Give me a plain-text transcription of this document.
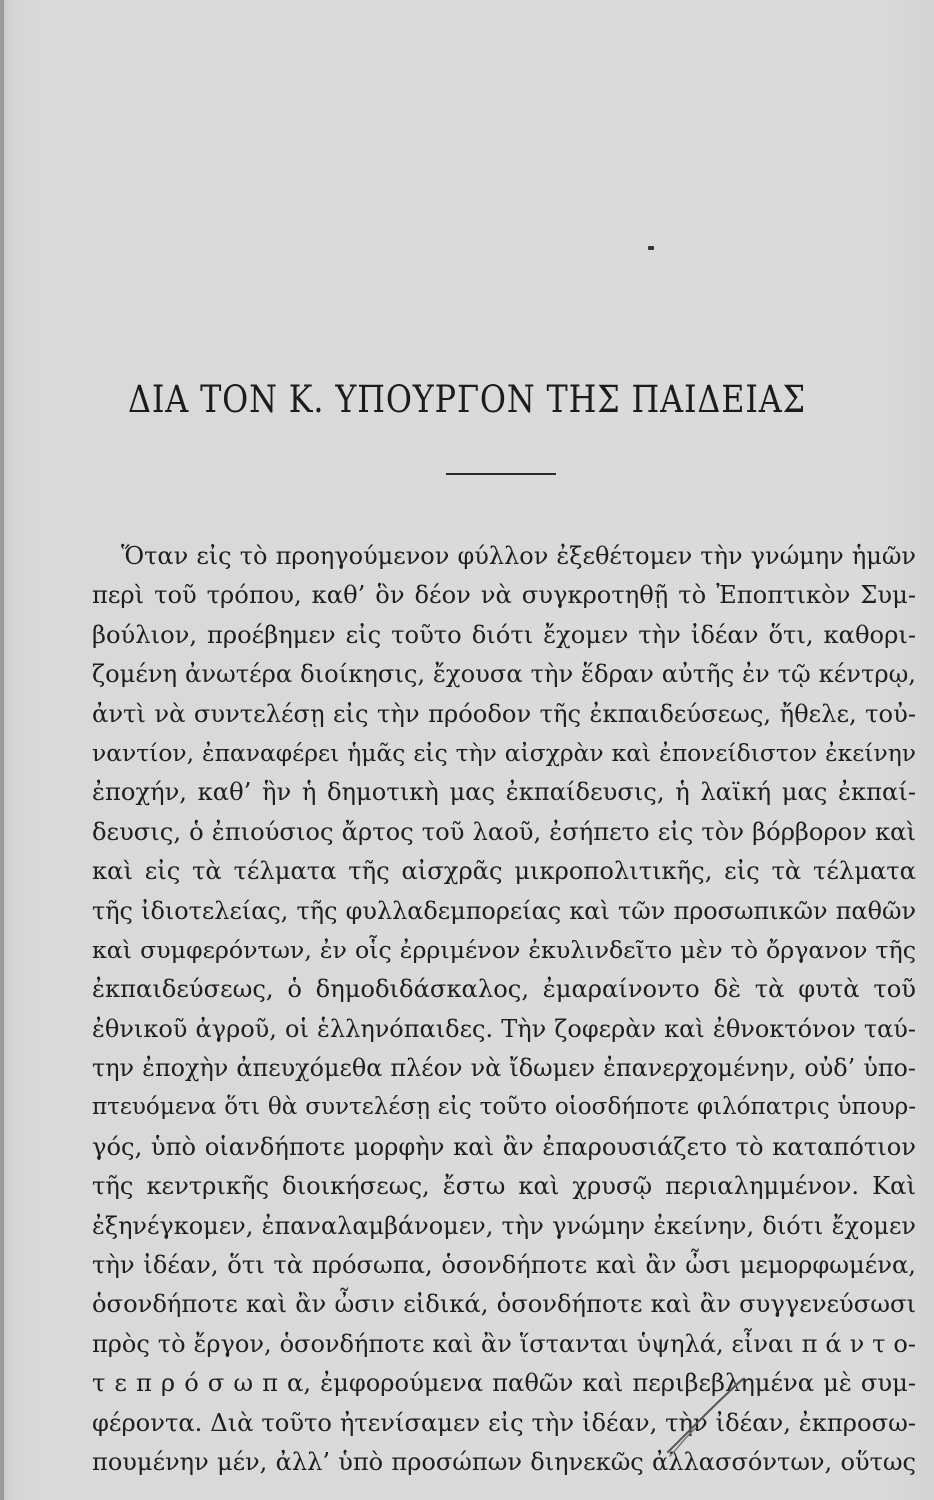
ΔΙΑ ΤΟΝ Κ. ΥΠΟΥΡΓΟΝ ΤΗΣ ΠΑΙΔΕΙΑΣ
Ὅταν εἰς τὸ προηγούμενον φύλλον ἐξεθέτομεν τὴν γνώμην ἡμῶν
περὶ τοῦ τρόπου, καθ’ ὃν δέον νὰ συγκροτηθῇ τὸ Ἐποπτικὸν Συμ-
βούλιον, προέβημεν εἰς τοῦτο διότι ἔχομεν τὴν ἰδέαν ὅτι, καθορι-
ζομένη ἀνωτέρα διοίκησις, ἔχουσα τὴν ἕδραν αὐτῆς ἐν τῷ κέντρῳ,
ἀντὶ νὰ συντελέσῃ εἰς τὴν πρόοδον τῆς ἐκπαιδεύσεως, ἤθελε, τοὐ-
ναντίον, ἐπαναφέρει ἡμᾶς εἰς τὴν αἰσχρὰν καὶ ἐπονείδιστον ἐκείνην
ἐποχήν, καθ’ ἣν ἡ δημοτικὴ μας ἐκπαίδευσις, ἡ λαϊκή μας ἐκπαί-
δευσις, ὁ ἐπιούσιος ἄρτος τοῦ λαοῦ, ἐσήπετο εἰς τὸν βόρβορον καὶ
καὶ εἰς τὰ τέλματα τῆς αἰσχρᾶς μικροπολιτικῆς, εἰς τὰ τέλματα
τῆς ἰδιοτελείας, τῆς φυλλαδεμπορείας καὶ τῶν προσωπικῶν παθῶν
καὶ συμφερόντων, ἐν οἷς ἐρριμένον ἐκυλινδεῖτο μὲν τὸ ὄργανον τῆς
ἐκπαιδεύσεως, ὁ δημοδιδάσκαλος, ἐμαραίνοντο δὲ τὰ φυτὰ τοῦ
ἐθνικοῦ ἀγροῦ, οἱ ἑλληνόπαιδες. Τὴν ζοφερὰν καὶ ἐθνοκτόνον ταύ-
την ἐποχὴν ἀπευχόμεθα πλέον νὰ ἴδωμεν ἐπανερχομένην, οὐδ’ ὑπο-
πτευόμενα ὅτι θὰ συντελέσῃ εἰς τοῦτο οἱοσδήποτε φιλόπατρις ὑπουρ-
γός, ὑπὸ οἱανδήποτε μορφὴν καὶ ἂν ἐπαρουσιάζετο τὸ καταπότιον
τῆς κεντρικῆς διοικήσεως, ἔστω καὶ χρυσῷ περιαλημμένον. Καὶ
ἐξηνέγκομεν, ἐπαναλαμβάνομεν, τὴν γνώμην ἐκείνην, διότι ἔχομεν
τὴν ἰδέαν, ὅτι τὰ πρόσωπα, ὁσονδήποτε καὶ ἂν ὦσι μεμορφωμένα,
ὁσονδήποτε καὶ ἂν ὦσιν εἰδικά, ὁσονδήποτε καὶ ἂν συγγενεύσωσι
πρὸς τὸ ἔργον, ὁσονδήποτε καὶ ἂν ἵστανται ὑψηλά, εἶναι π ά ν τ ο-
τ ε π ρ ό σ ω π α, ἐμφορούμενα παθῶν καὶ περιβεβλημένα μὲ συμ-
φέροντα. Διὰ τοῦτο ἠτενίσαμεν εἰς τὴν ἰδέαν, τὴν ἰδέαν, ἐκπροσω-
πουμένην μέν, ἀλλ’ ὑπὸ προσώπων διηνεκῶς ἀλλασσόντων, οὕτως
